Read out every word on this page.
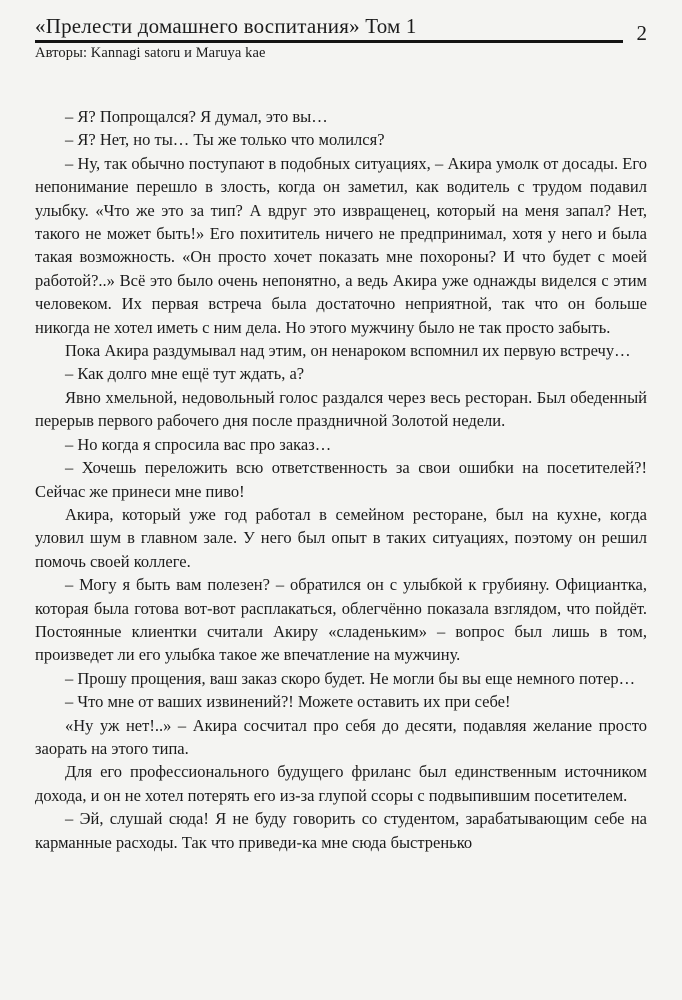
«Прелести домашнего воспитания» Том 1	2
Авторы: Kannagi satoru и Maruya kae

– Я? Попрощался? Я думал, это вы…

– Я? Нет, но ты… Ты же только что молился?

– Ну, так обычно поступают в подобных ситуациях, – Акира умолк от досады. Его непонимание перешло в злость, когда он заметил, как водитель с трудом подавил улыбку. «Что же это за тип? А вдруг это извращенец, который на меня запал? Нет, такого не может быть!» Его похититель ничего не предпринимал, хотя у него и была такая возможность. «Он просто хочет показать мне похороны? И что будет с моей работой?..» Всё это было очень непонятно, а ведь Акира уже однажды виделся с этим человеком. Их первая встреча была достаточно неприятной, так что он больше никогда не хотел иметь с ним дела. Но этого мужчину было не так просто забыть.

Пока Акира раздумывал над этим, он ненароком вспомнил их первую встречу…

– Как долго мне ещё тут ждать, а?

Явно хмельной, недовольный голос раздался через весь ресторан. Был обеденный перерыв первого рабочего дня после праздничной Золотой недели.

– Но когда я спросила вас про заказ…

– Хочешь переложить всю ответственность за свои ошибки на посетителей?! Сейчас же принеси мне пиво!

Акира, который уже год работал в семейном ресторане, был на кухне, когда уловил шум в главном зале. У него был опыт в таких ситуациях, поэтому он решил помочь своей коллеге.

– Могу я быть вам полезен? – обратился он с улыбкой к грубияну. Официантка, которая была готова вот-вот расплакаться, облегчённо показала взглядом, что пойдёт. Постоянные клиентки считали Акиру «сладеньким» – вопрос был лишь в том, произведет ли его улыбка такое же впечатление на мужчину.

– Прошу прощения, ваш заказ скоро будет. Не могли бы вы еще немного потер…

– Что мне от ваших извинений?! Можете оставить их при себе!

«Ну уж нет!..» – Акира сосчитал про себя до десяти, подавляя желание просто заорать на этого типа.

Для его профессионального будущего фриланс был единственным источником дохода, и он не хотел потерять его из-за глупой ссоры с подвыпившим посетителем.

– Эй, слушай сюда! Я не буду говорить со студентом, зарабатывающим себе на карманные расходы. Так что приведи-ка мне сюда быстренько
